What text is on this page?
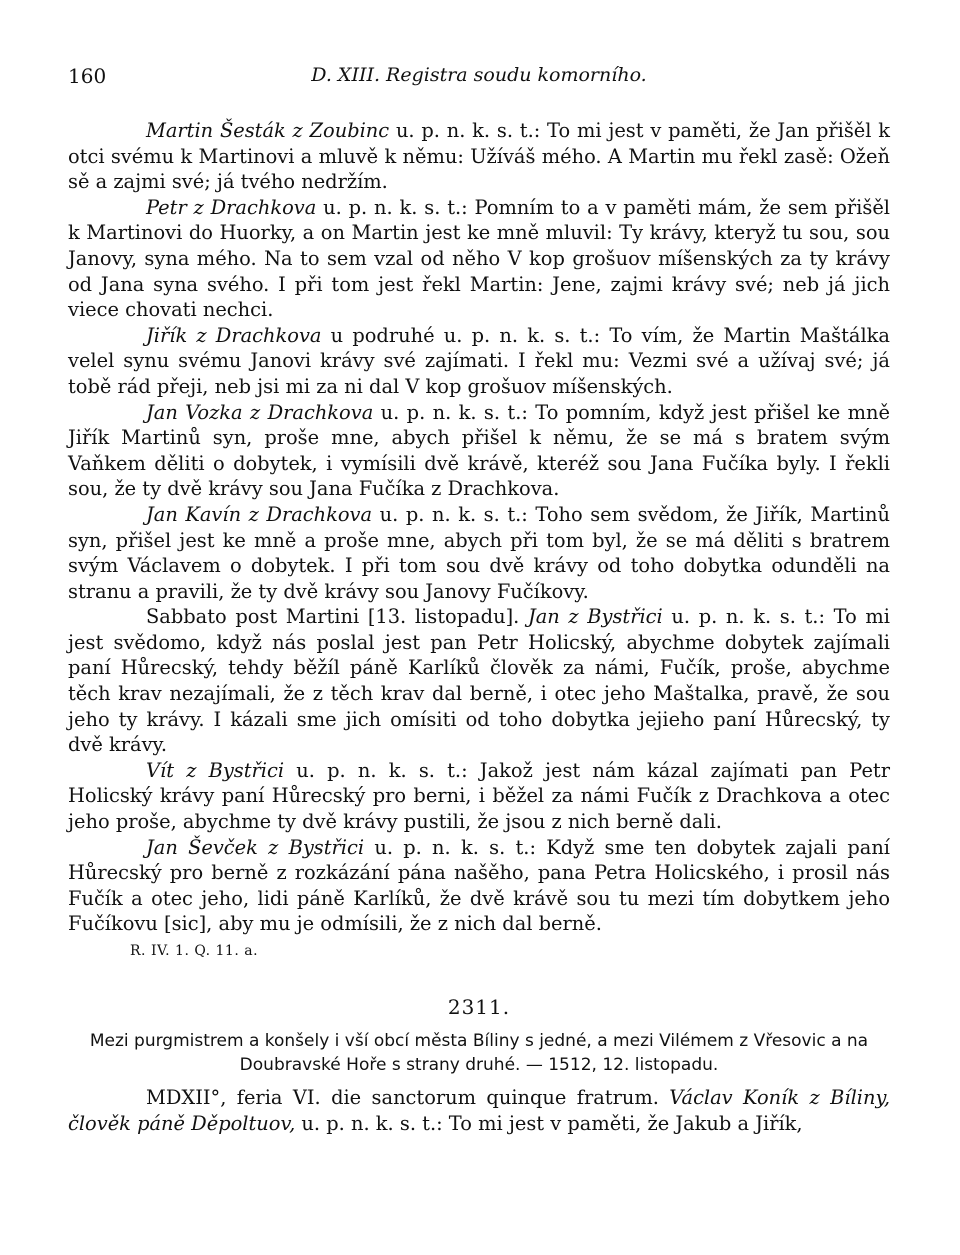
160	D. XIII. Registra soudu komorního.

Martin Šesták z Zoubinc u. p. n. k. s. t.: To mi jest v paměti, že Jan přišěl k otci svému k Martinovi a mluvě k němu: Užíváš mého. A Martin mu řekl zasě: Ožeň sě a zajmi své; já tvého nedržím.

Petr z Drachkova u. p. n. k. s. t.: Pomním to a v paměti mám, že sem přišěl k Martinovi do Huorky, a on Martin jest ke mně mluvil: Ty krávy, kteryž tu sou, sou Janovy, syna mého. Na to sem vzal od něho V kop grošuov míšenských za ty krávy od Jana syna svého. I při tom jest řekl Martin: Jene, zajmi krávy své; neb já jich viece chovati nechci.

Jiřík z Drachkova u podruhé u. p. n. k. s. t.: To vím, že Martin Maštálka velel synu svému Janovi krávy své zajímati. I řekl mu: Vezmi své a užívaj své; já tobě rád přeji, neb jsi mi za ni dal V kop grošuov míšenských.

Jan Vozka z Drachkova u. p. n. k. s. t.: To pomním, když jest přišel ke mně Jiřík Martinů syn, proše mne, abych přišel k němu, že se má s bratem svým Vaňkem děliti o dobytek, i vymísili dvě krávě, kteréž sou Jana Fučíka byly. I řekli sou, že ty dvě krávy sou Jana Fučíka z Drachkova.

Jan Kavín z Drachkova u. p. n. k. s. t.: Toho sem svědom, že Jiřík, Martinů syn, přišel jest ke mně a proše mne, abych při tom byl, že se má děliti s bratrem svým Václavem o dobytek. I při tom sou dvě krávy od toho dobytka odunděli na stranu a pravili, že ty dvě krávy sou Janovy Fučíkovy.

Sabbato post Martini [13. listopadu]. Jan z Bystřici u. p. n. k. s. t.: To mi jest svědomo, když nás poslal jest pan Petr Holicský, abychme dobytek zajímali paní Hůrecský, tehdy běžíl páně Karlíků člověk za námi, Fučík, proše, abychme těch krav nezajímali, že z těch krav dal berně, i otec jeho Maštalka, pravě, že sou jeho ty krávy. I kázali sme jich omísiti od toho dobytka jejieho paní Hůrecský, ty dvě krávy.

Vít z Bystřici u. p. n. k. s. t.: Jakož jest nám kázal zajímati pan Petr Holicský krávy paní Hůrecský pro berni, i běžel za námi Fučík z Drachkova a otec jeho proše, abychme ty dvě krávy pustili, že jsou z nich berně dali.

Jan Ševček z Bystřici u. p. n. k. s. t.: Když sme ten dobytek zajali paní Hůrecský pro berně z rozkázání pána našěho, pana Petra Holicského, i prosil nás Fučík a otec jeho, lidi páně Karlíků, že dvě krávě sou tu mezi tím dobytkem jeho Fučíkovu [sic], aby mu je odmísili, že z nich dal berně.

R. IV. 1. Q. 11. a.
2311.

Mezi purgmistrem a konšely i vší obcí města Bíliny s jedné, a mezi Vilémem z Vřesovic a na
Doubravské Hoře s strany druhé. — 1512, 12. listopadu.

MDXII°, feria VI. die sanctorum quinque fratrum. Václav Koník z Bíliny, člověk páně Děpoltuov, u. p. n. k. s. t.: To mi jest v paměti, že Jakub a Jiřík,
